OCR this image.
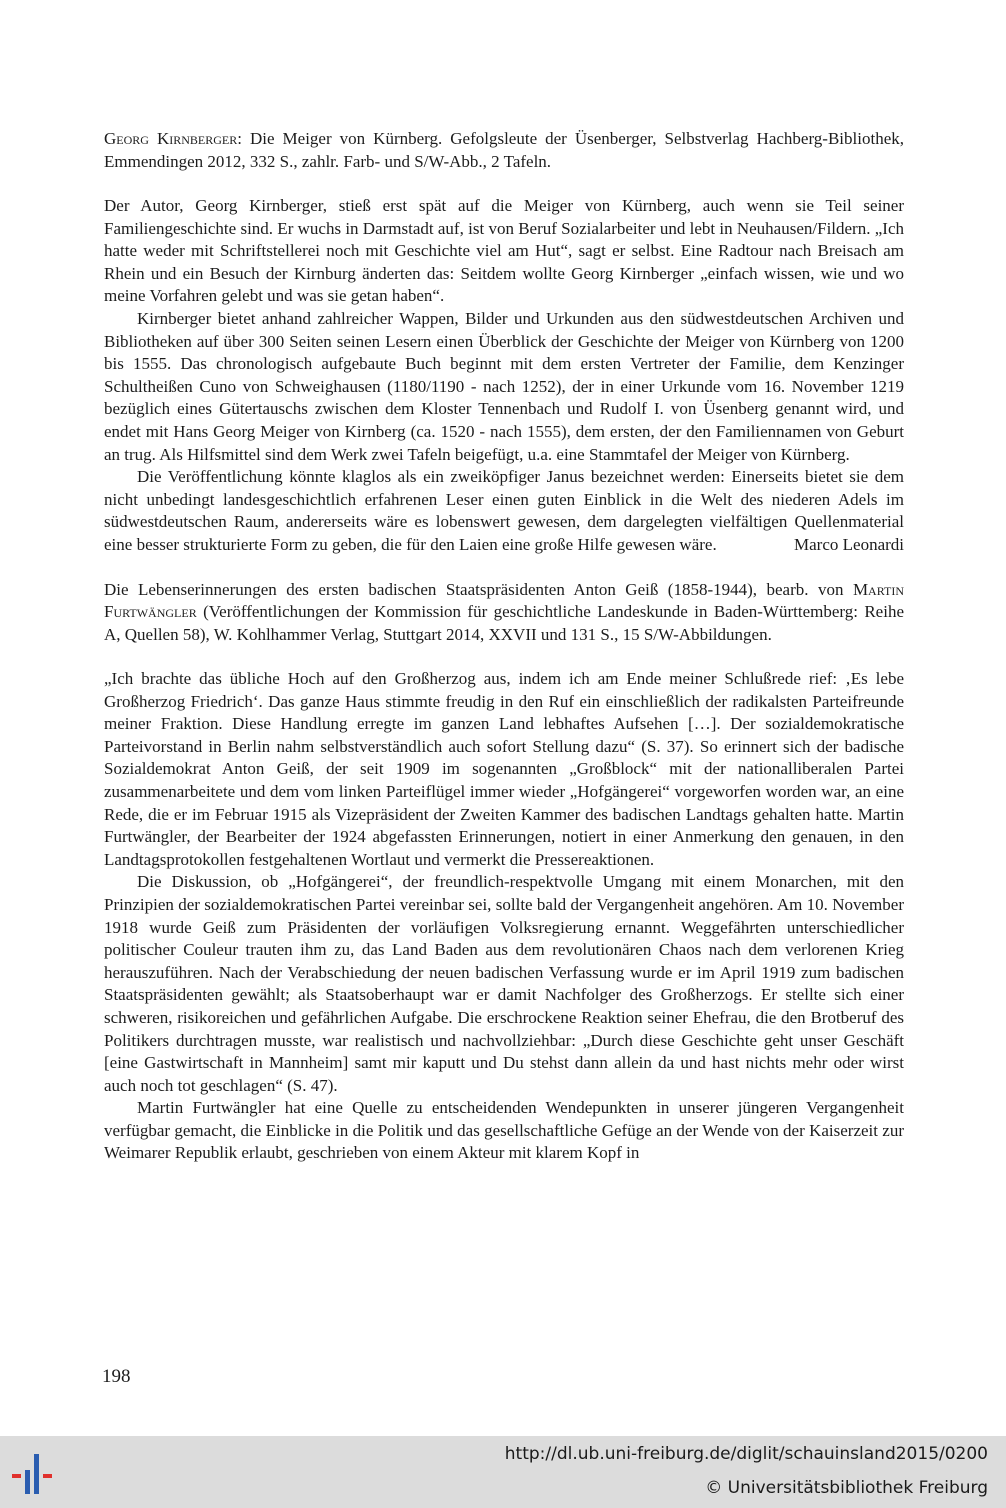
Georg Kirnberger: Die Meiger von Kürnberg. Gefolgsleute der Üsenberger, Selbstverlag Hachberg-Bibliothek, Emmendingen 2012, 332 S., zahlr. Farb- und S/W-Abb., 2 Tafeln.

Der Autor, Georg Kirnberger, stieß erst spät auf die Meiger von Kürnberg, auch wenn sie Teil seiner Familiengeschichte sind. Er wuchs in Darmstadt auf, ist von Beruf Sozialarbeiter und lebt in Neuhausen/Fildern. „Ich hatte weder mit Schriftstellerei noch mit Geschichte viel am Hut“, sagt er selbst. Eine Radtour nach Breisach am Rhein und ein Besuch der Kirnburg änderten das: Seitdem wollte Georg Kirnberger „einfach wissen, wie und wo meine Vorfahren gelebt und was sie getan haben“.

Kirnberger bietet anhand zahlreicher Wappen, Bilder und Urkunden aus den südwestdeutschen Archiven und Bibliotheken auf über 300 Seiten seinen Lesern einen Überblick der Geschichte der Meiger von Kürnberg von 1200 bis 1555. Das chronologisch aufgebaute Buch beginnt mit dem ersten Vertreter der Familie, dem Kenzinger Schultheißen Cuno von Schweighausen (1180/1190 - nach 1252), der in einer Urkunde vom 16. November 1219 bezüglich eines Gütertauschs zwischen dem Kloster Tennenbach und Rudolf I. von Üsenberg genannt wird, und endet mit Hans Georg Meiger von Kirnberg (ca. 1520 - nach 1555), dem ersten, der den Familiennamen von Geburt an trug. Als Hilfsmittel sind dem Werk zwei Tafeln beigefügt, u.a. eine Stammtafel der Meiger von Kürnberg.

Die Veröffentlichung könnte klaglos als ein zweiköpfiger Janus bezeichnet werden: Einerseits bietet sie dem nicht unbedingt landesgeschichtlich erfahrenen Leser einen guten Einblick in die Welt des niederen Adels im südwestdeutschen Raum, andererseits wäre es lobenswert gewesen, dem dargelegten vielfältigen Quellenmaterial eine besser strukturierte Form zu geben, die für den Laien eine große Hilfe gewesen wäre.	Marco Leonardi

Die Lebenserinnerungen des ersten badischen Staatspräsidenten Anton Geiß (1858-1944), bearb. von Martin Furtwängler (Veröffentlichungen der Kommission für geschichtliche Landeskunde in Baden-Württemberg: Reihe A, Quellen 58), W. Kohlhammer Verlag, Stuttgart 2014, XXVII und 131 S., 15 S/W-Abbildungen.

„Ich brachte das übliche Hoch auf den Großherzog aus, indem ich am Ende meiner Schlußrede rief: ‚Es lebe Großherzog Friedrich‘. Das ganze Haus stimmte freudig in den Ruf ein einschließlich der radikalsten Parteifreunde meiner Fraktion. Diese Handlung erregte im ganzen Land lebhaftes Aufsehen […]. Der sozialdemokratische Parteivorstand in Berlin nahm selbstverständlich auch sofort Stellung dazu“ (S. 37). So erinnert sich der badische Sozialdemokrat Anton Geiß, der seit 1909 im sogenannten „Großblock“ mit der nationalliberalen Partei zusammenarbeitete und dem vom linken Parteiflügel immer wieder „Hofgängerei“ vorgeworfen worden war, an eine Rede, die er im Februar 1915 als Vizepräsident der Zweiten Kammer des badischen Landtags gehalten hatte. Martin Furtwängler, der Bearbeiter der 1924 abgefassten Erinnerungen, notiert in einer Anmerkung den genauen, in den Landtagsprotokollen festgehaltenen Wortlaut und vermerkt die Pressereaktionen.

Die Diskussion, ob „Hofgängerei“, der freundlich-respektvolle Umgang mit einem Monarchen, mit den Prinzipien der sozialdemokratischen Partei vereinbar sei, sollte bald der Vergangenheit angehören. Am 10. November 1918 wurde Geiß zum Präsidenten der vorläufigen Volksregierung ernannt. Weggefährten unterschiedlicher politischer Couleur trauten ihm zu, das Land Baden aus dem revolutionären Chaos nach dem verlorenen Krieg herauszuführen. Nach der Verabschiedung der neuen badischen Verfassung wurde er im April 1919 zum badischen Staatspräsidenten gewählt; als Staatsoberhaupt war er damit Nachfolger des Großherzogs. Er stellte sich einer schweren, risikoreichen und gefährlichen Aufgabe. Die erschrockene Reaktion seiner Ehefrau, die den Brotberuf des Politikers durchtragen musste, war realistisch und nachvollziehbar: „Durch diese Geschichte geht unser Geschäft [eine Gastwirtschaft in Mannheim] samt mir kaputt und Du stehst dann allein da und hast nichts mehr oder wirst auch noch tot geschlagen“ (S. 47).

Martin Furtwängler hat eine Quelle zu entscheidenden Wendepunkten in unserer jüngeren Vergangenheit verfügbar gemacht, die Einblicke in die Politik und das gesellschaftliche Gefüge an der Wende von der Kaiserzeit zur Weimarer Republik erlaubt, geschrieben von einem Akteur mit klarem Kopf in

198
http://dl.ub.uni-freiburg.de/diglit/schauinsland2015/0200
© Universitätsbibliothek Freiburg
